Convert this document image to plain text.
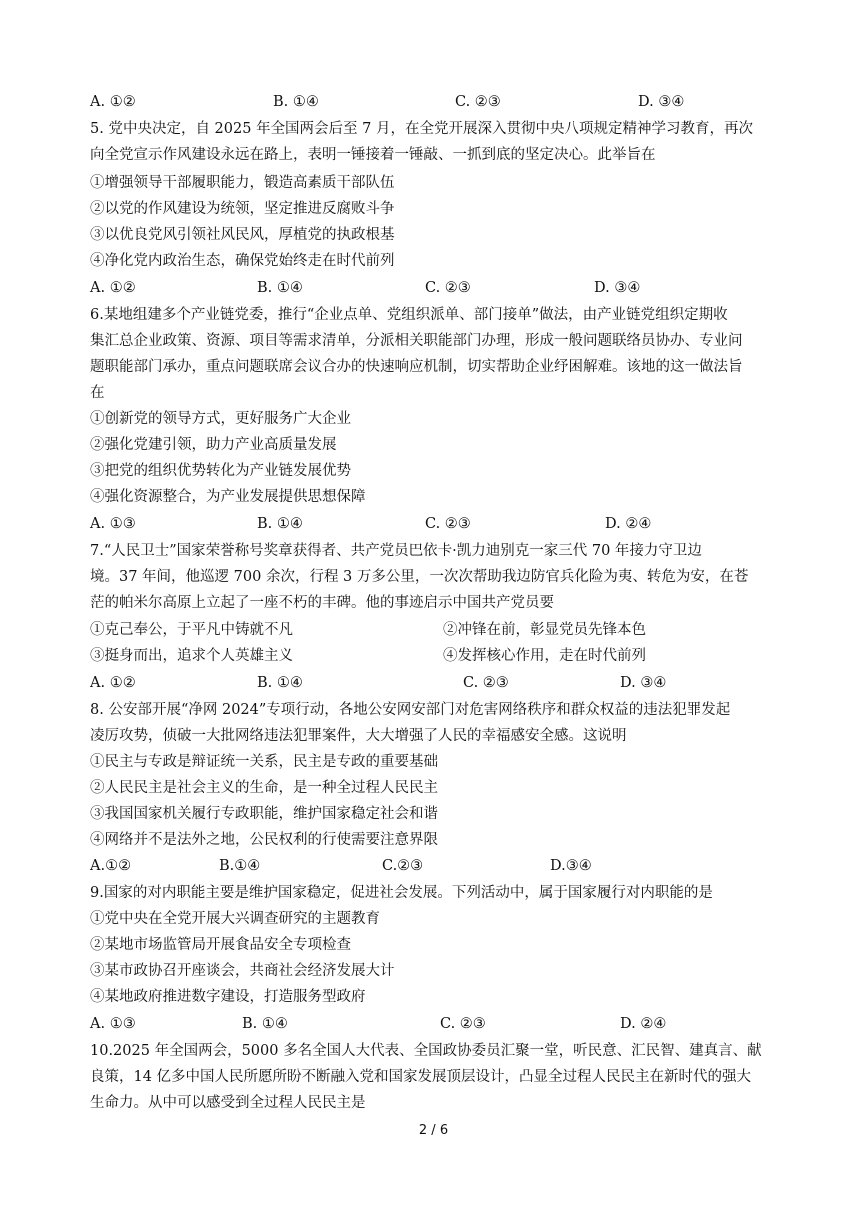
A. ①②	B. ①④	C. ②③	D. ③④
5. 党中央决定，自 2025 年全国两会后至 7 月，在全党开展深入贯彻中央八项规定精神学习教育，再次
向全党宣示作风建设永远在路上，表明一锤接着一锤敲、一抓到底的坚定决心。此举旨在
①增强领导干部履职能力，锻造高素质干部队伍
②以党的作风建设为统领，坚定推进反腐败斗争
③以优良党风引领社风民风，厚植党的执政根基
④净化党内政治生态，确保党始终走在时代前列
A. ①②	B. ①④	C. ②③	D. ③④
6.某地组建多个产业链党委，推行“企业点单、党组织派单、部门接单”做法，由产业链党组织定期收
集汇总企业政策、资源、项目等需求清单，分派相关职能部门办理，形成一般问题联络员协办、专业问
题职能部门承办，重点问题联席会议合办的快速响应机制，切实帮助企业纾困解难。该地的这一做法旨
在
①创新党的领导方式，更好服务广大企业
②强化党建引领，助力产业高质量发展
③把党的组织优势转化为产业链发展优势
④强化资源整合，为产业发展提供思想保障
A. ①③	B. ①④	C. ②③	D. ②④
7.“人民卫士”国家荣誉称号奖章获得者、共产党员巴依卡·凯力迪别克一家三代 70 年接力守卫边
境。37 年间，他巡逻 700 余次，行程 3 万多公里，一次次帮助我边防官兵化险为夷、转危为安，在苍
茫的帕米尔高原上立起了一座不朽的丰碑。他的事迹启示中国共产党员要
①克己奉公，于平凡中铸就不凡	②冲锋在前，彰显党员先锋本色
③挺身而出，追求个人英雄主义	④发挥核心作用，走在时代前列
A. ①②	B. ①④	C. ②③	D. ③④
8. 公安部开展“净网 2024”专项行动，各地公安网安部门对危害网络秩序和群众权益的违法犯罪发起
凌厉攻势，侦破一大批网络违法犯罪案件，大大增强了人民的幸福感安全感。这说明
①民主与专政是辩证统一关系，民主是专政的重要基础
②人民民主是社会主义的生命，是一种全过程人民民主
③我国国家机关履行专政职能，维护国家稳定社会和谐
④网络并不是法外之地，公民权利的行使需要注意界限
A.①②	B.①④	C.②③	D.③④
9.国家的对内职能主要是维护国家稳定，促进社会发展。下列活动中，属于国家履行对内职能的是
①党中央在全党开展大兴调查研究的主题教育
②某地市场监管局开展食品安全专项检查
③某市政协召开座谈会，共商社会经济发展大计
④某地政府推进数字建设，打造服务型政府
A. ①③	B. ①④	C. ②③	D. ②④
10.2025 年全国两会，5000 多名全国人大代表、全国政协委员汇聚一堂，听民意、汇民智、建真言、献
良策，14 亿多中国人民所愿所盼不断融入党和国家发展顶层设计，凸显全过程人民民主在新时代的强大
生命力。从中可以感受到全过程人民民主是
2 / 6
